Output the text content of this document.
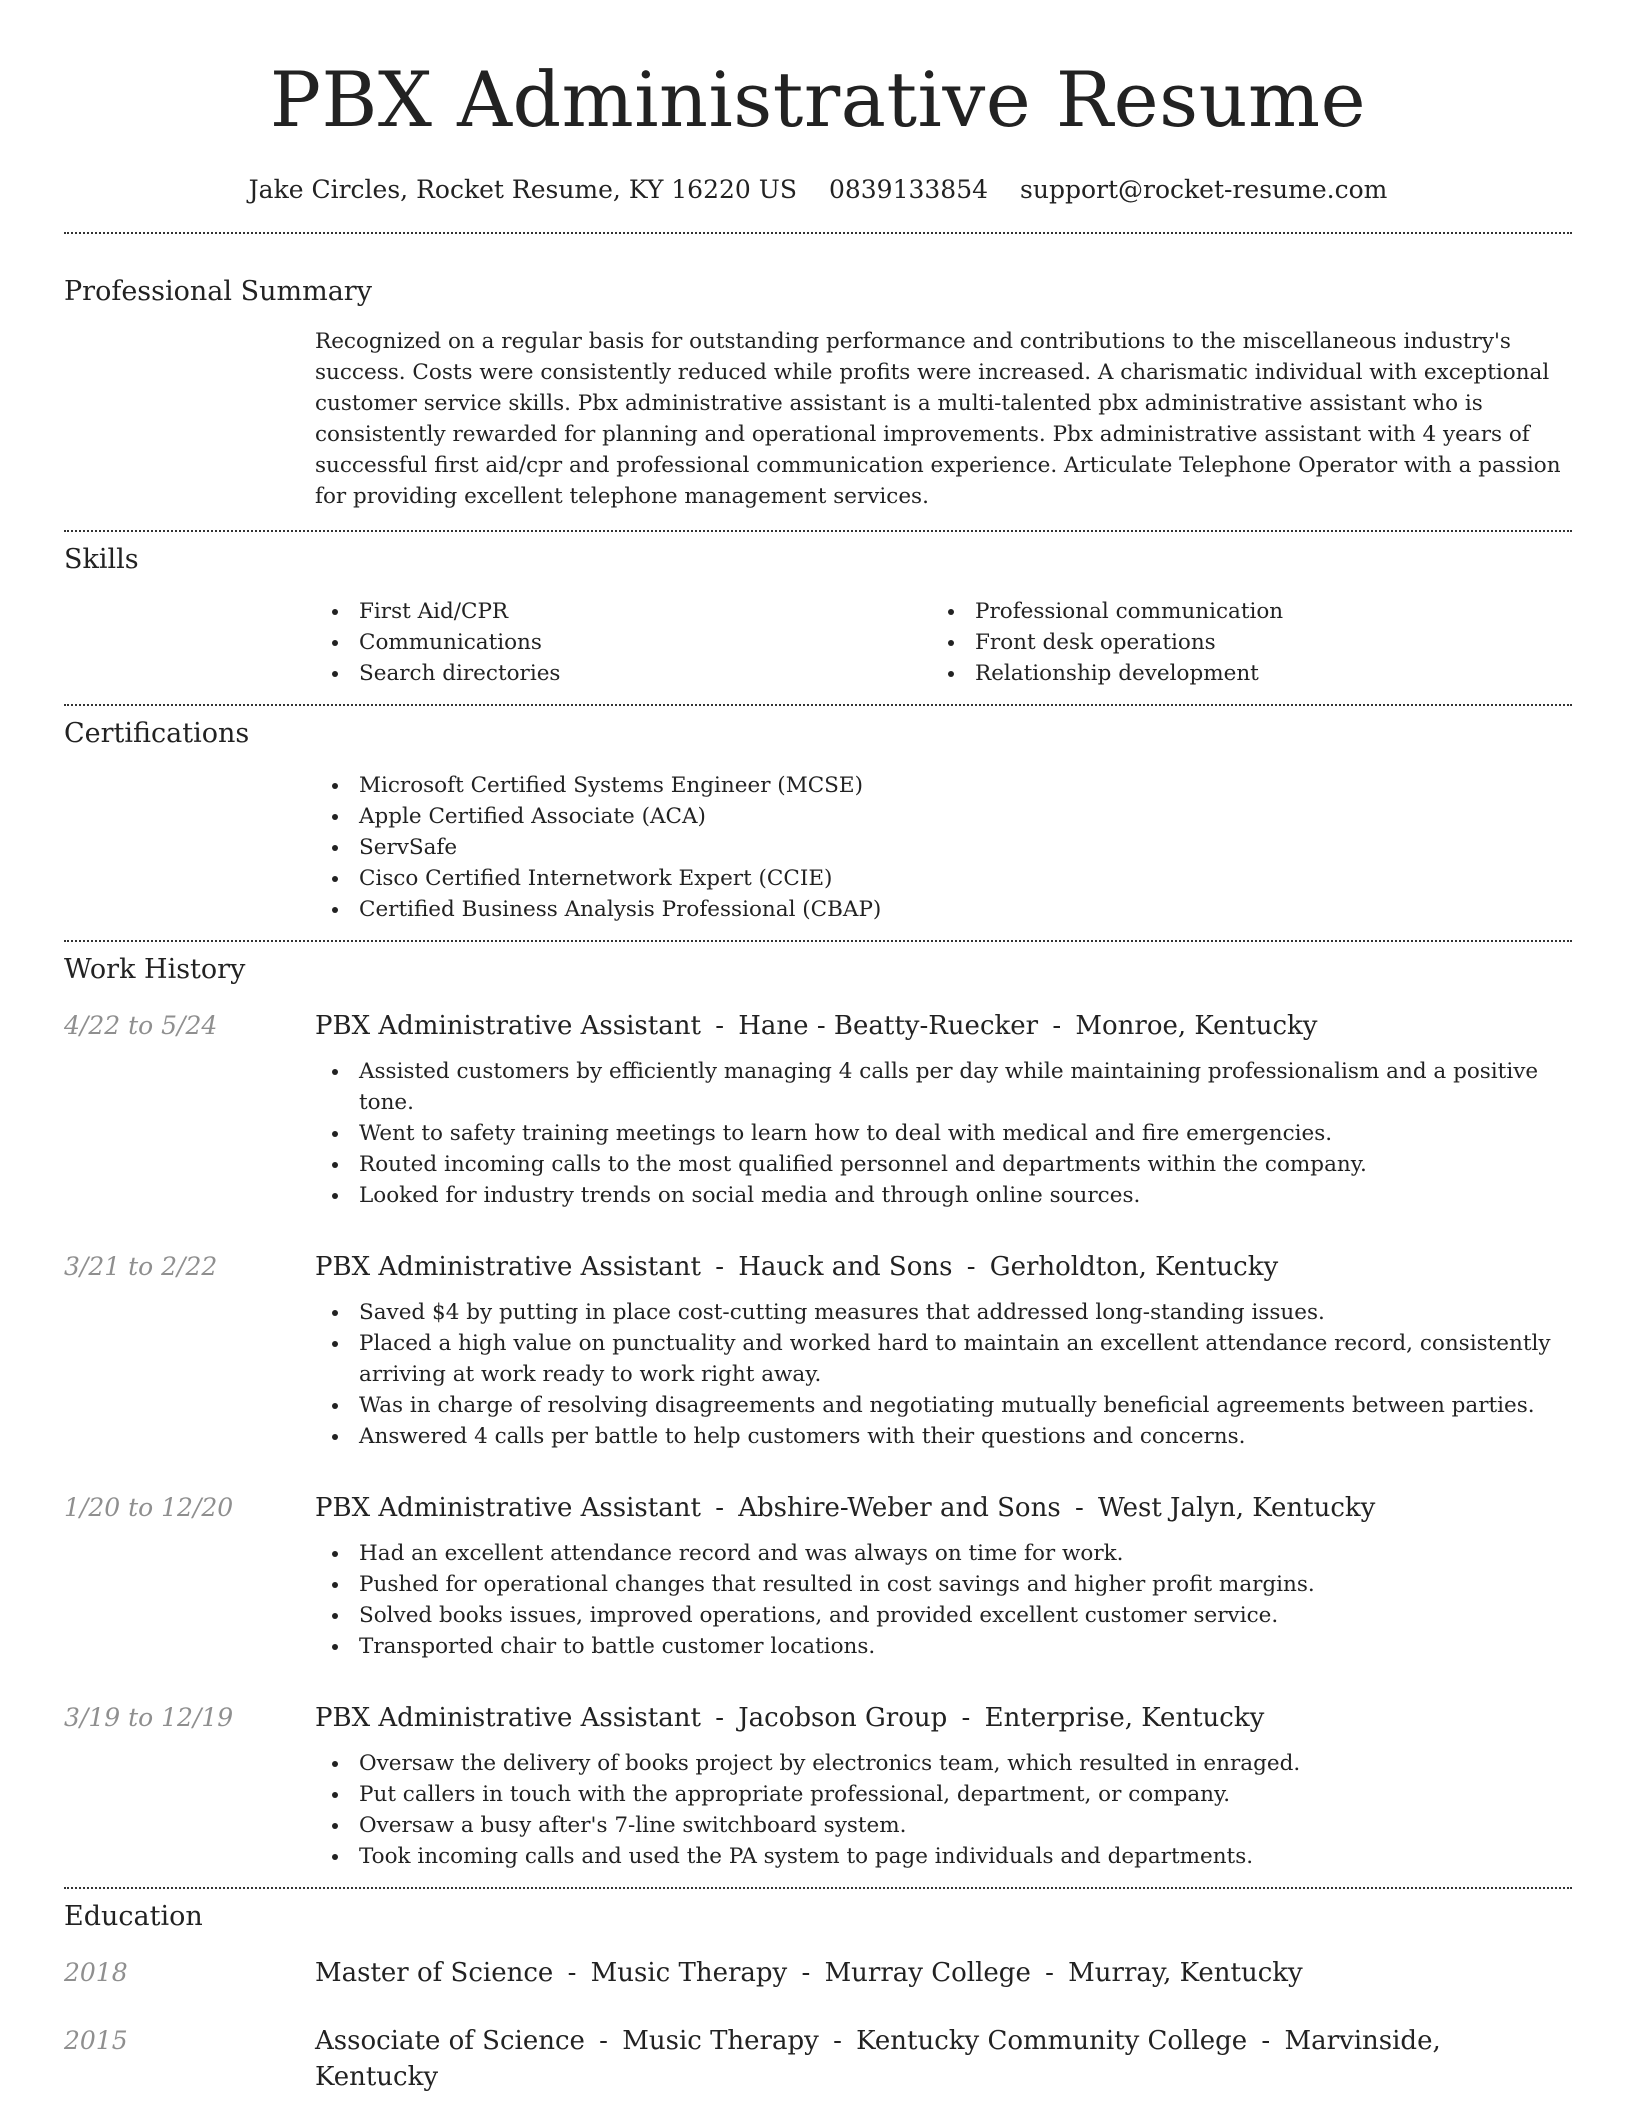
PBX Administrative Resume
Jake Circles, Rocket Resume, KY 16220 US 0839133854 support@rocket-resume.com
Professional Summary

Recognized on a regular basis for outstanding performance and contributions to the miscellaneous industry's success. Costs were consistently reduced while profits were increased. A charismatic individual with exceptional customer service skills. Pbx administrative assistant is a multi-talented pbx administrative assistant who is consistently rewarded for planning and operational improvements. Pbx administrative assistant with 4 years of successful first aid/cpr and professional communication experience. Articulate Telephone Operator with a passion for providing excellent telephone management services.

Skills
First Aid/CPR
Communications
Search directories
Professional communication
Front desk operations
Relationship development
Certifications
Microsoft Certified Systems Engineer (MCSE)
Apple Certified Associate (ACA)
ServSafe
Cisco Certified Internetwork Expert (CCIE)
Certified Business Analysis Professional (CBAP)
Work History
4/22 to 5/24	PBX Administrative Assistant - Hane - Beatty-Ruecker - Monroe, Kentucky
Assisted customers by efficiently managing 4 calls per day while maintaining professionalism and a positive tone.
Went to safety training meetings to learn how to deal with medical and fire emergencies.
Routed incoming calls to the most qualified personnel and departments within the company.
Looked for industry trends on social media and through online sources.
3/21 to 2/22	PBX Administrative Assistant - Hauck and Sons - Gerholdton, Kentucky
Saved $4 by putting in place cost-cutting measures that addressed long-standing issues.
Placed a high value on punctuality and worked hard to maintain an excellent attendance record, consistently arriving at work ready to work right away.
Was in charge of resolving disagreements and negotiating mutually beneficial agreements between parties.
Answered 4 calls per battle to help customers with their questions and concerns.
1/20 to 12/20	PBX Administrative Assistant - Abshire-Weber and Sons - West Jalyn, Kentucky
Had an excellent attendance record and was always on time for work.
Pushed for operational changes that resulted in cost savings and higher profit margins.
Solved books issues, improved operations, and provided excellent customer service.
Transported chair to battle customer locations.
3/19 to 12/19	PBX Administrative Assistant - Jacobson Group - Enterprise, Kentucky
Oversaw the delivery of books project by electronics team, which resulted in enraged.
Put callers in touch with the appropriate professional, department, or company.
Oversaw a busy after's 7-line switchboard system.
Took incoming calls and used the PA system to page individuals and departments.
Education
2018	Master of Science - Music Therapy - Murray College - Murray, Kentucky
2015	Associate of Science - Music Therapy - Kentucky Community College - Marvinside, Kentucky
